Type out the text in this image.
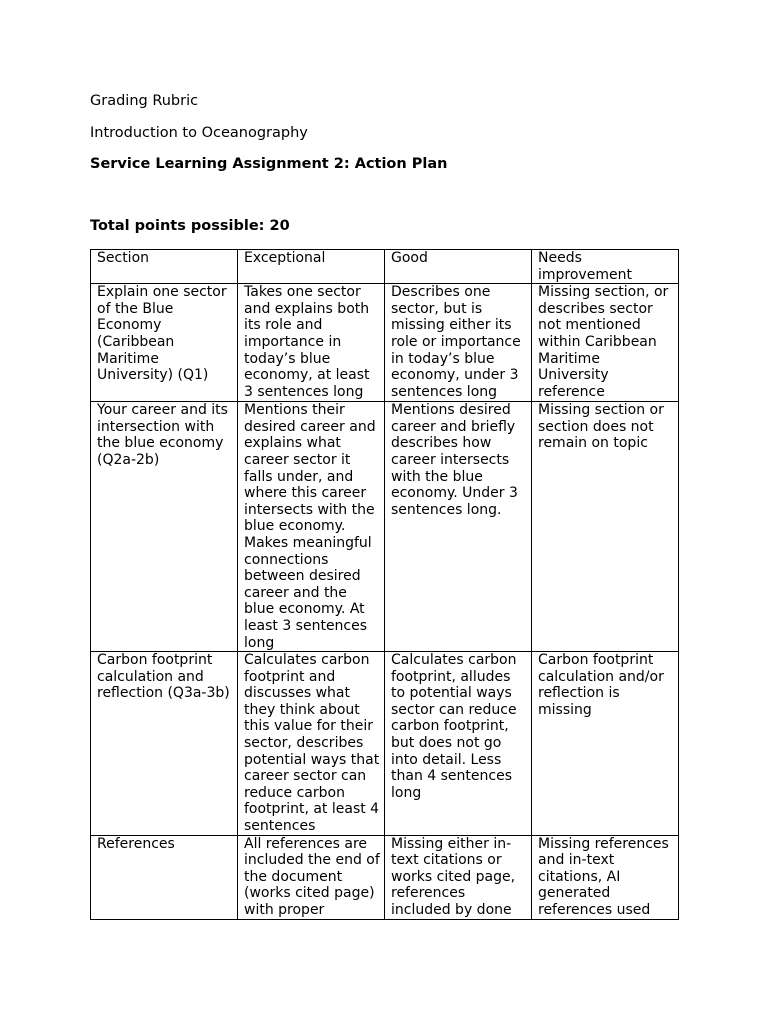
Grading Rubric

Introduction to Oceanography

Service Learning Assignment 2: Action Plan

Total points possible: 20

Section	Exceptional	Good	Needs improvement
Explain one sector of the Blue Economy (Caribbean Maritime University) (Q1)	Takes one sector and explains both its role and importance in today’s blue economy, at least 3 sentences long	Describes one sector, but is missing either its role or importance in today’s blue economy, under 3 sentences long	Missing section, or describes sector not mentioned within Caribbean Maritime University reference
Your career and its intersection with the blue economy (Q2a-2b)	Mentions their desired career and explains what career sector it falls under, and where this career intersects with the blue economy. Makes meaningful connections between desired career and the blue economy. At least 3 sentences long	Mentions desired career and briefly describes how career intersects with the blue economy. Under 3 sentences long.	Missing section or section does not remain on topic
Carbon footprint calculation and reflection (Q3a-3b)	Calculates carbon footprint and discusses what they think about this value for their sector, describes potential ways that career sector can reduce carbon footprint, at least 4 sentences	Calculates carbon footprint, alludes to potential ways sector can reduce carbon footprint, but does not go into detail. Less than 4 sentences long	Carbon footprint calculation and/or reflection is missing
References	All references are included the end of the document (works cited page) with proper	Missing either in-text citations or works cited page, references included by done	Missing references and in-text citations, AI generated references used
